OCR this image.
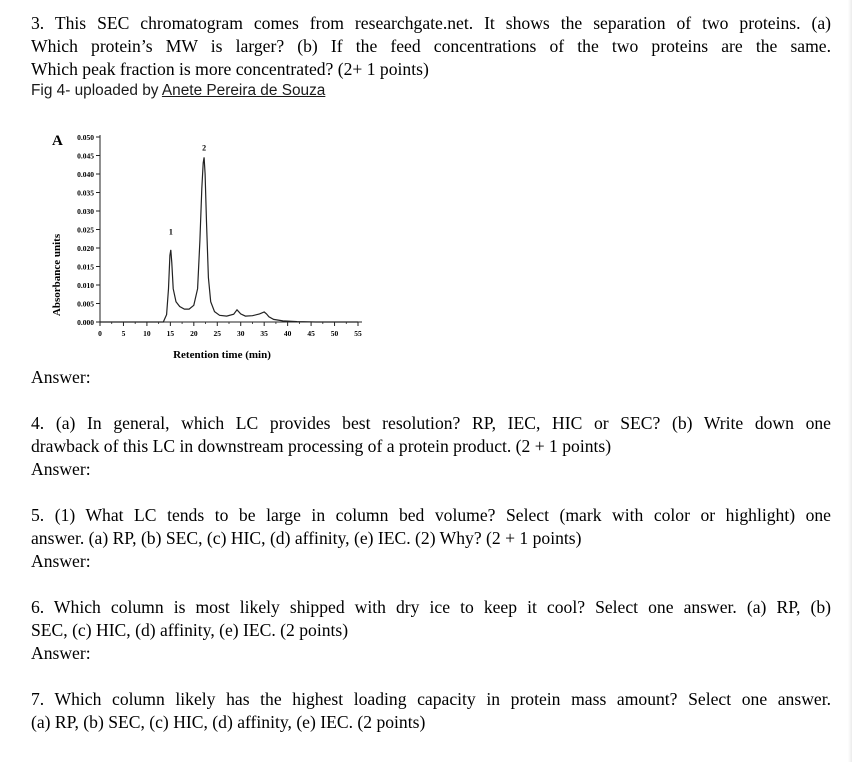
3. This SEC chromatogram comes from researchgate.net. It shows the separation of two proteins. (a)
Which protein’s MW is larger? (b) If the feed concentrations of the two proteins are the same.
Which peak fraction is more concentrated? (2+ 1 points)

Fig 4- uploaded by Anete Pereira de Souza
A
0.000
0.005
0.010
0.015
0.020
0.025
0.030
0.035
0.040
0.045
0.050
0	5 10 15 20 25 30 35 40 45 50 55
1
2
Absorbance units
Retention time (min)
Answer:

4. (a) In general, which LC provides best resolution? RP, IEC, HIC or SEC? (b) Write down one
drawback of this LC in downstream processing of a protein product. (2 + 1 points)

Answer:

5. (1) What LC tends to be large in column bed volume? Select (mark with color or highlight) one
answer. (a) RP, (b) SEC, (c) HIC, (d) affinity, (e) IEC. (2) Why? (2 + 1 points)

Answer:

6. Which column is most likely shipped with dry ice to keep it cool? Select one answer. (a) RP, (b)
SEC, (c) HIC, (d) affinity, (e) IEC. (2 points)

Answer:

7. Which column likely has the highest loading capacity in protein mass amount? Select one answer.
(a) RP, (b) SEC, (c) HIC, (d) affinity, (e) IEC. (2 points)
